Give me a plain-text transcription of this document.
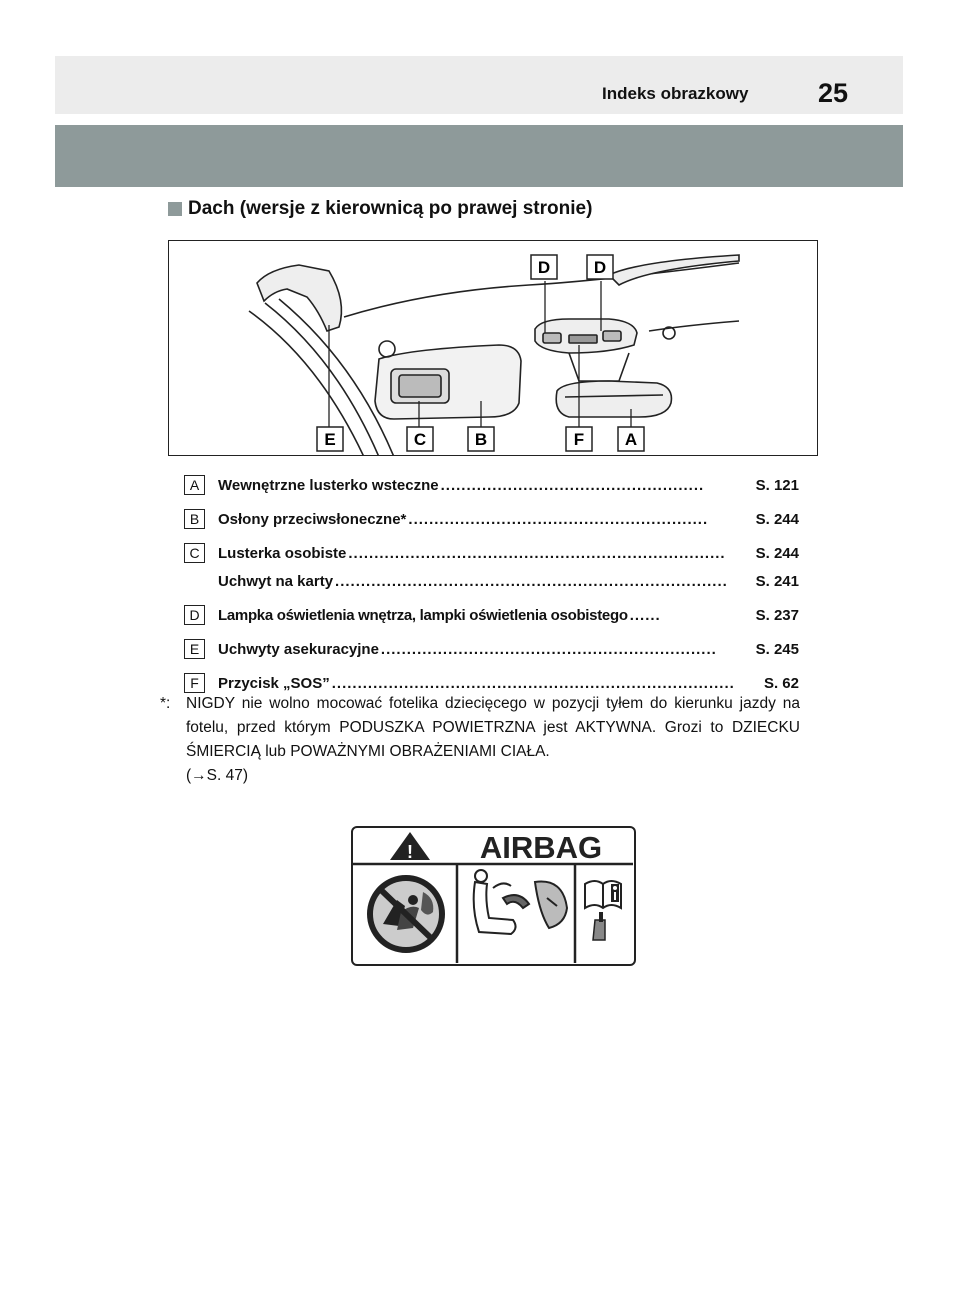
Indeks obrazkowy	25
Dach (wersje z kierownicą po prawej stronie)
D	D
E	C	B	F A
A	Wewnętrzne lusterko wsteczne ...................................................	S. 121
B	Osłony przeciwsłoneczne* ..........................................................	S. 244
C	Lusterka osobiste .........................................................................	S. 244
Uchwyt na karty ............................................................................	S. 241
D	Lampka oświetlenia wnętrza, lampki oświetlenia osobistego ......	S. 237
E	Uchwyty asekuracyjne .................................................................	S. 245
F	Przycisk „SOS” ..............................................................................	S. 62
*:	NIGDY nie wolno mocować fotelika dziecięcego w pozycji tyłem do kierunku jazdy na fotelu, przed którym PODUSZKA POWIETRZNA jest AKTYWNA. Grozi to DZIECKU ŚMIERCIĄ lub POWAŻNYMI OBRAŻENIAMI CIAŁA.
(→S. 47)
! AIRBAG
